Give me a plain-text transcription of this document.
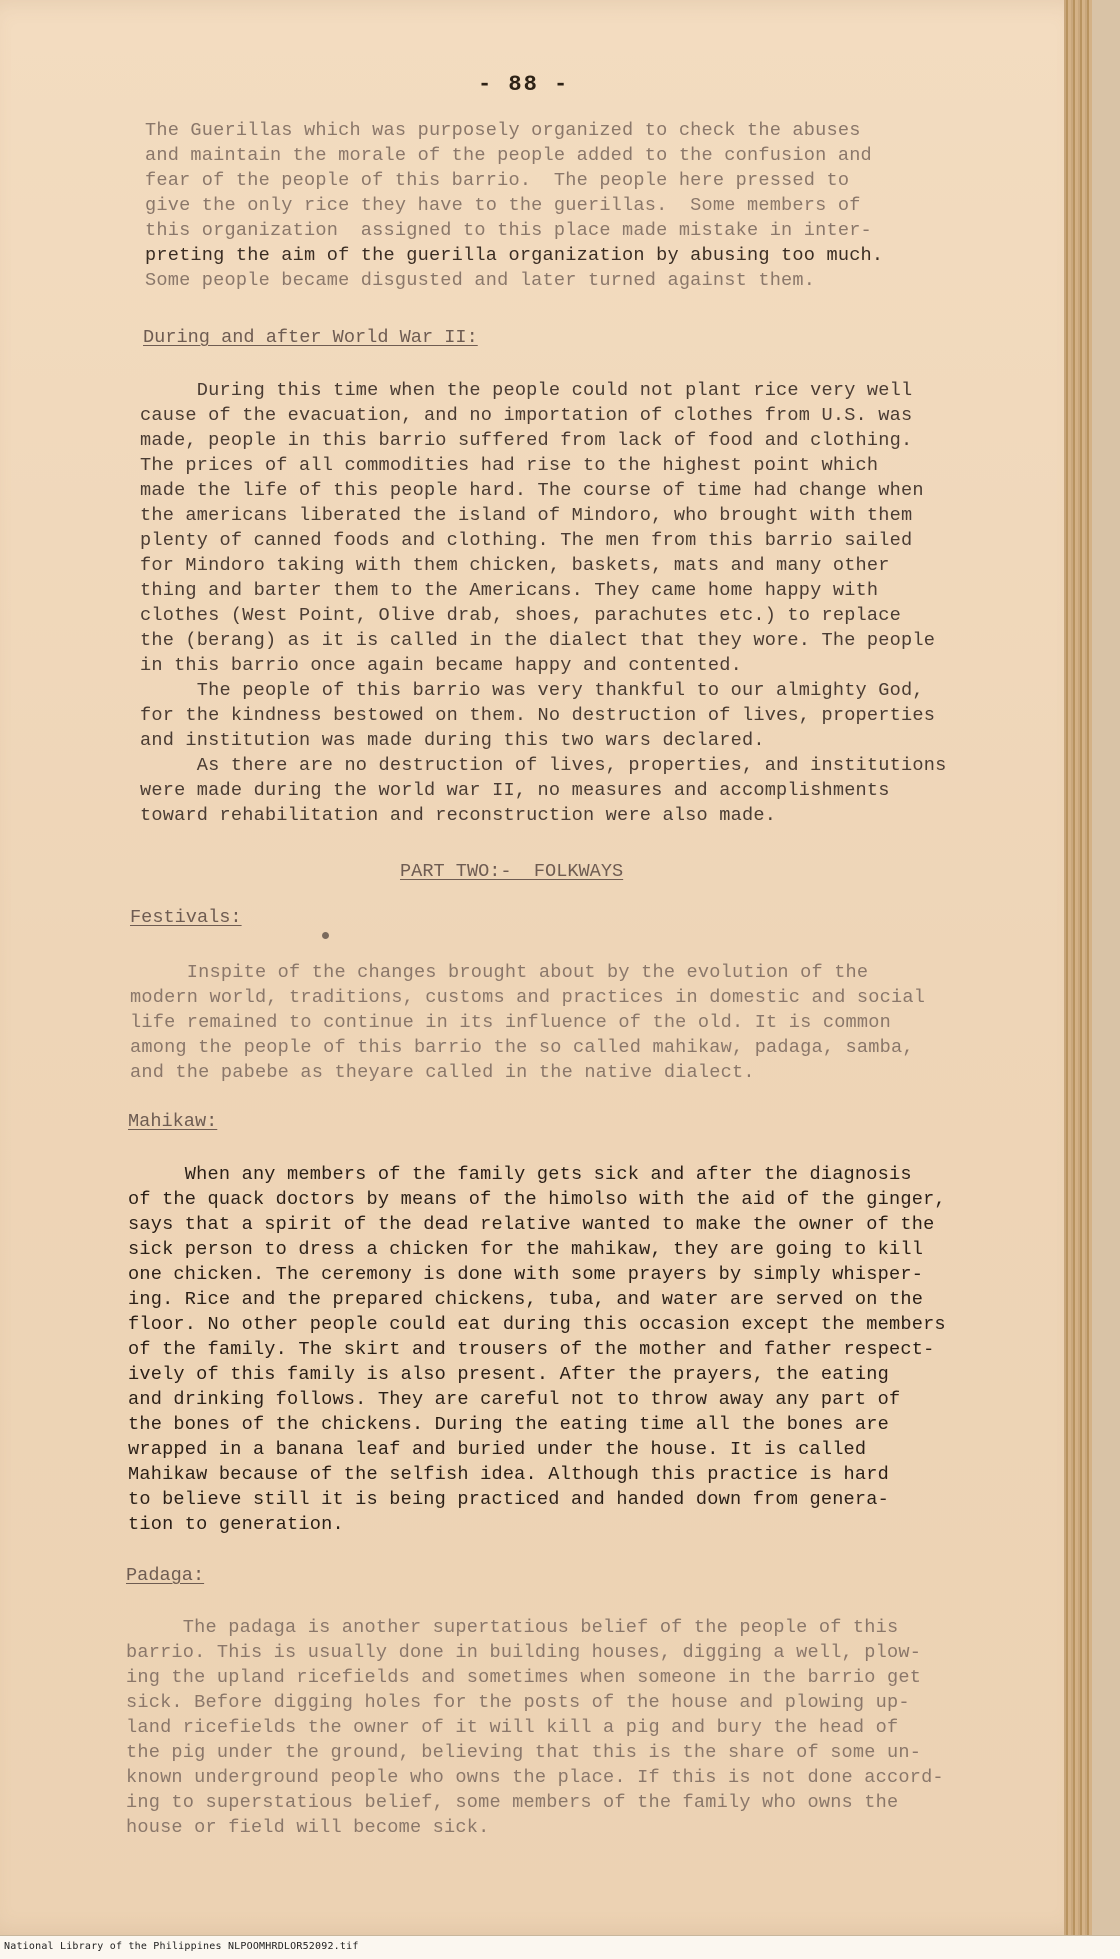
- 88 -
The Guerillas which was purposely organized to check the abuses
and maintain the morale of the people added to the confusion and
fear of the people of this barrio.  The people here pressed to
give the only rice they have to the guerillas.  Some members of
this organization  assigned to this place made mistake in inter-
preting the aim of the guerilla organization by abusing too much.
Some people became disgusted and later turned against them.
During and after World War II:
During this time when the people could not plant rice very well
cause of the evacuation, and no importation of clothes from U.S. was
made, people in this barrio suffered from lack of food and clothing.
The prices of all commodities had rise to the highest point which
made the life of this people hard. The course of time had change when
the americans liberated the island of Mindoro, who brought with them
plenty of canned foods and clothing. The men from this barrio sailed
for Mindoro taking with them chicken, baskets, mats and many other
thing and barter them to the Americans. They came home happy with
clothes (West Point, Olive drab, shoes, parachutes etc.) to replace
the (berang) as it is called in the dialect that they wore. The people
in this barrio once again became happy and contented.
The people of this barrio was very thankful to our almighty God,
for the kindness bestowed on them. No destruction of lives, properties
and institution was made during this two wars declared.
As there are no destruction of lives, properties, and institutions
were made during the world war II, no measures and accomplishments
toward rehabilitation and reconstruction were also made.
PART TWO:-  FOLKWAYS
Festivals:
Inspite of the changes brought about by the evolution of the
modern world, traditions, customs and practices in domestic and social
life remained to continue in its influence of the old. It is common
among the people of this barrio the so called mahikaw, padaga, samba,
and the pabebe as theyare called in the native dialect.
Mahikaw:
When any members of the family gets sick and after the diagnosis
of the quack doctors by means of the himolso with the aid of the ginger,
says that a spirit of the dead relative wanted to make the owner of the
sick person to dress a chicken for the mahikaw, they are going to kill
one chicken. The ceremony is done with some prayers by simply whisper-
ing. Rice and the prepared chickens, tuba, and water are served on the
floor. No other people could eat during this occasion except the members
of the family. The skirt and trousers of the mother and father respect-
ively of this family is also present. After the prayers, the eating
and drinking follows. They are careful not to throw away any part of
the bones of the chickens. During the eating time all the bones are
wrapped in a banana leaf and buried under the house. It is called
Mahikaw because of the selfish idea. Although this practice is hard
to believe still it is being practiced and handed down from genera-
tion to generation.
Padaga:
The padaga is another supertatious belief of the people of this
barrio. This is usually done in building houses, digging a well, plow-
ing the upland ricefields and sometimes when someone in the barrio get
sick. Before digging holes for the posts of the house and plowing up-
land ricefields the owner of it will kill a pig and bury the head of
the pig under the ground, believing that this is the share of some un-
known underground people who owns the place. If this is not done accord-
ing to superstatious belief, some members of the family who owns the
house or field will become sick.
National Library of the Philippines NLPOOMHRDLOR52092.tif
